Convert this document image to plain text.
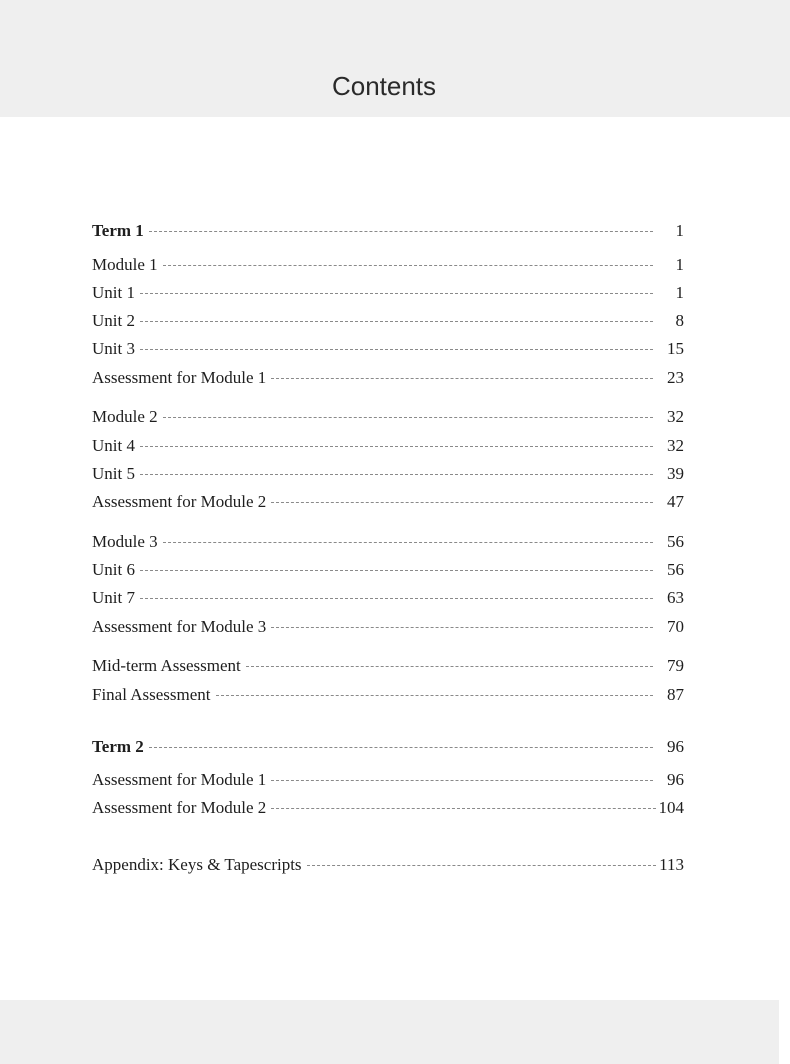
Contents
Term 1	1
Module 1	1
Unit 1	1
Unit 2	8
Unit 3	15
Assessment for Module 1	23
Module 2	32
Unit 4	32
Unit 5	39
Assessment for Module 2	47
Module 3	56
Unit 6	56
Unit 7	63
Assessment for Module 3	70
Mid-term Assessment	79
Final Assessment	87
Term 2	96
Assessment for Module 1	96
Assessment for Module 2	104
Appendix: Keys & Tapescripts	113
